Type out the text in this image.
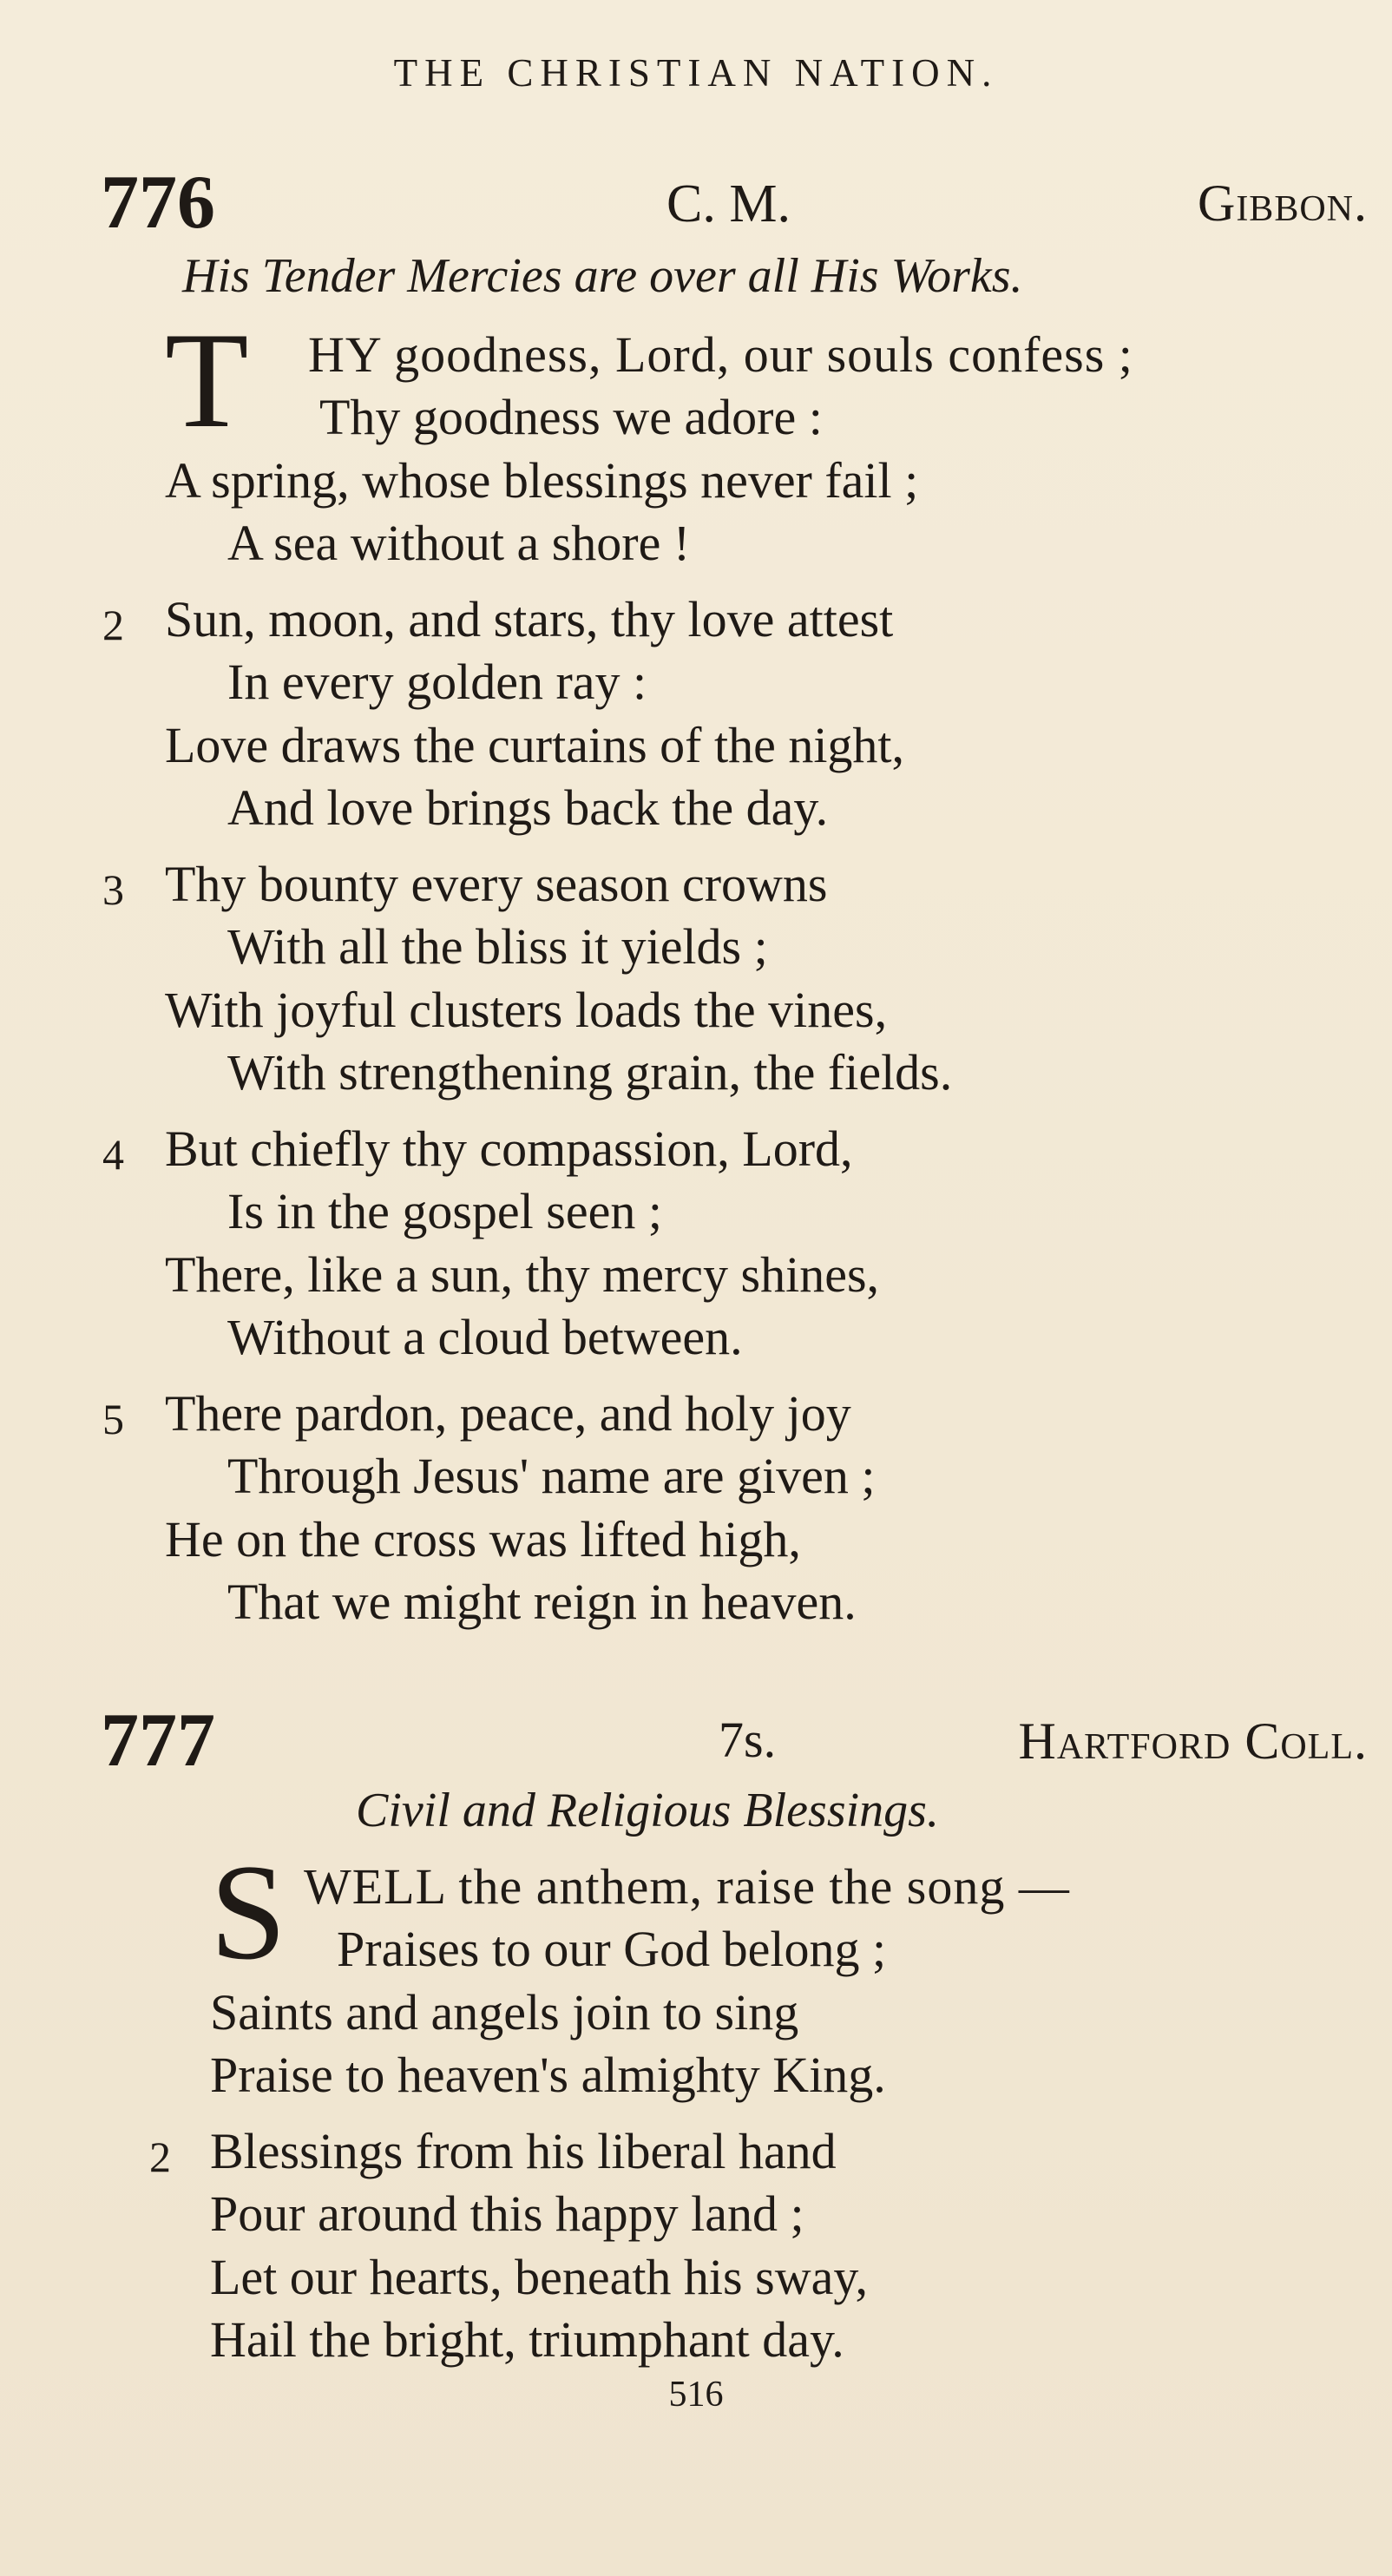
THE CHRISTIAN NATION.
776	C. M.	Gibbon.
His Tender Mercies are over all His Works.
T HY goodness, Lord, our souls confess ;
Thy goodness we adore :
A spring, whose blessings never fail ;
A sea without a shore !
2 Sun, moon, and stars, thy love attest
In every golden ray :
Love draws the curtains of the night,
And love brings back the day.
3 Thy bounty every season crowns
With all the bliss it yields ;
With joyful clusters loads the vines,
With strengthening grain, the fields.
4 But chiefly thy compassion, Lord,
Is in the gospel seen ;
There, like a sun, thy mercy shines,
Without a cloud between.
5 There pardon, peace, and holy joy
Through Jesus' name are given ;
He on the cross was lifted high,
That we might reign in heaven.
777	7s.	Hartford Coll.
Civil and Religious Blessings.
S WELL the anthem, raise the song —
Praises to our God belong ;
Saints and angels join to sing
Praise to heaven's almighty King.
2 Blessings from his liberal hand
Pour around this happy land ;
Let our hearts, beneath his sway,
Hail the bright, triumphant day.
516
